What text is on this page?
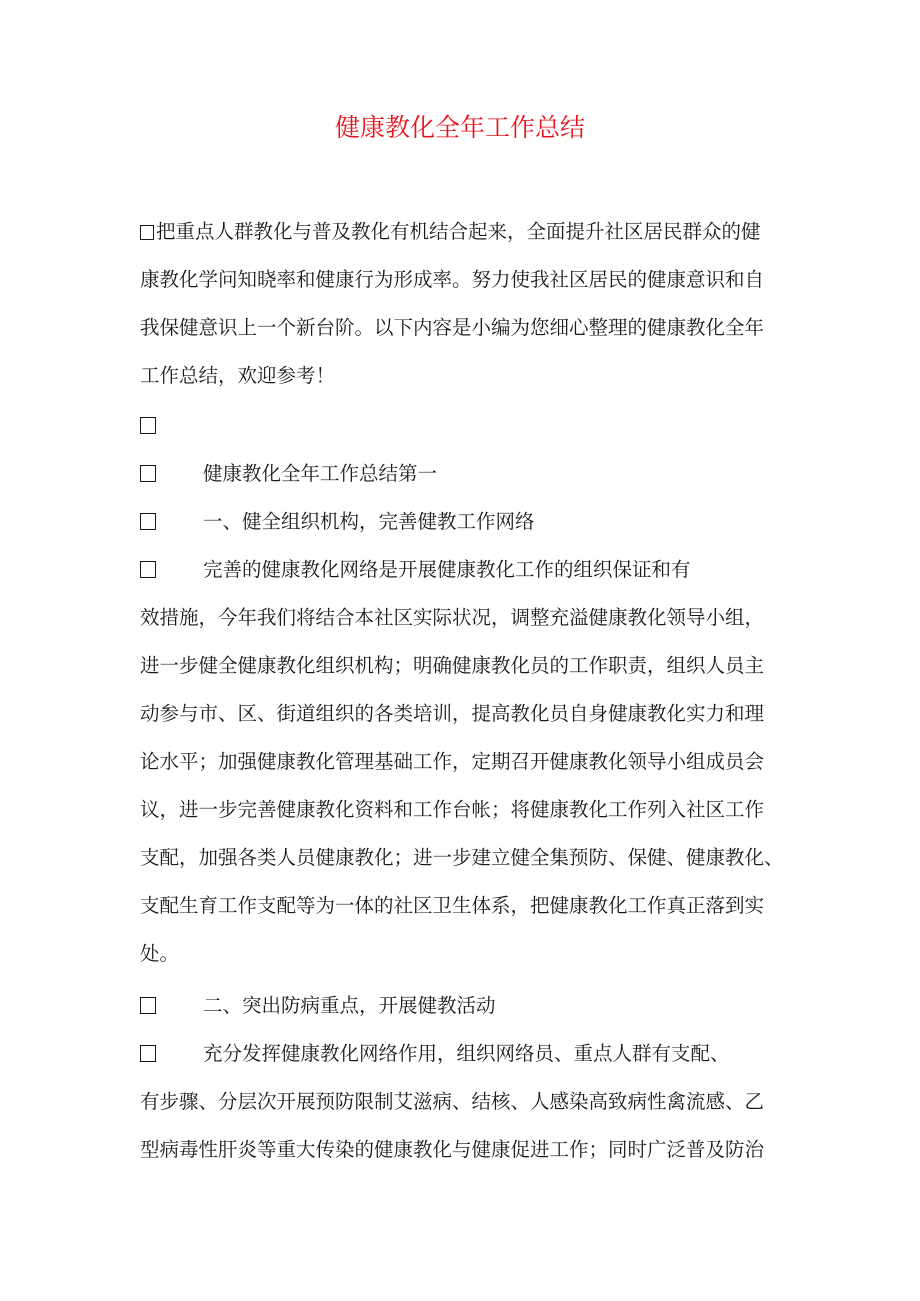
健康教化全年工作总结
把重点人群教化与普及教化有机结合起来，全面提升社区居民群众的健
康教化学问知晓率和健康行为形成率。努力使我社区居民的健康意识和自
我保健意识上一个新台阶。以下内容是小编为您细心整理的健康教化全年
工作总结，欢迎参考！
健康教化全年工作总结第一
一、健全组织机构，完善健教工作网络
完善的健康教化网络是开展健康教化工作的组织保证和有
效措施，今年我们将结合本社区实际状况，调整充溢健康教化领导小组，
进一步健全健康教化组织机构；明确健康教化员的工作职责，组织人员主
动参与市、区、街道组织的各类培训，提高教化员自身健康教化实力和理
论水平；加强健康教化管理基础工作，定期召开健康教化领导小组成员会
议，进一步完善健康教化资料和工作台帐；将健康教化工作列入社区工作
支配，加强各类人员健康教化；进一步建立健全集预防、保健、健康教化、
支配生育工作支配等为一体的社区卫生体系，把健康教化工作真正落到实
处。
二、突出防病重点，开展健教活动
充分发挥健康教化网络作用，组织网络员、重点人群有支配、
有步骤、分层次开展预防限制艾滋病、结核、人感染高致病性禽流感、乙
型病毒性肝炎等重大传染的健康教化与健康促进工作；同时广泛普及防治
